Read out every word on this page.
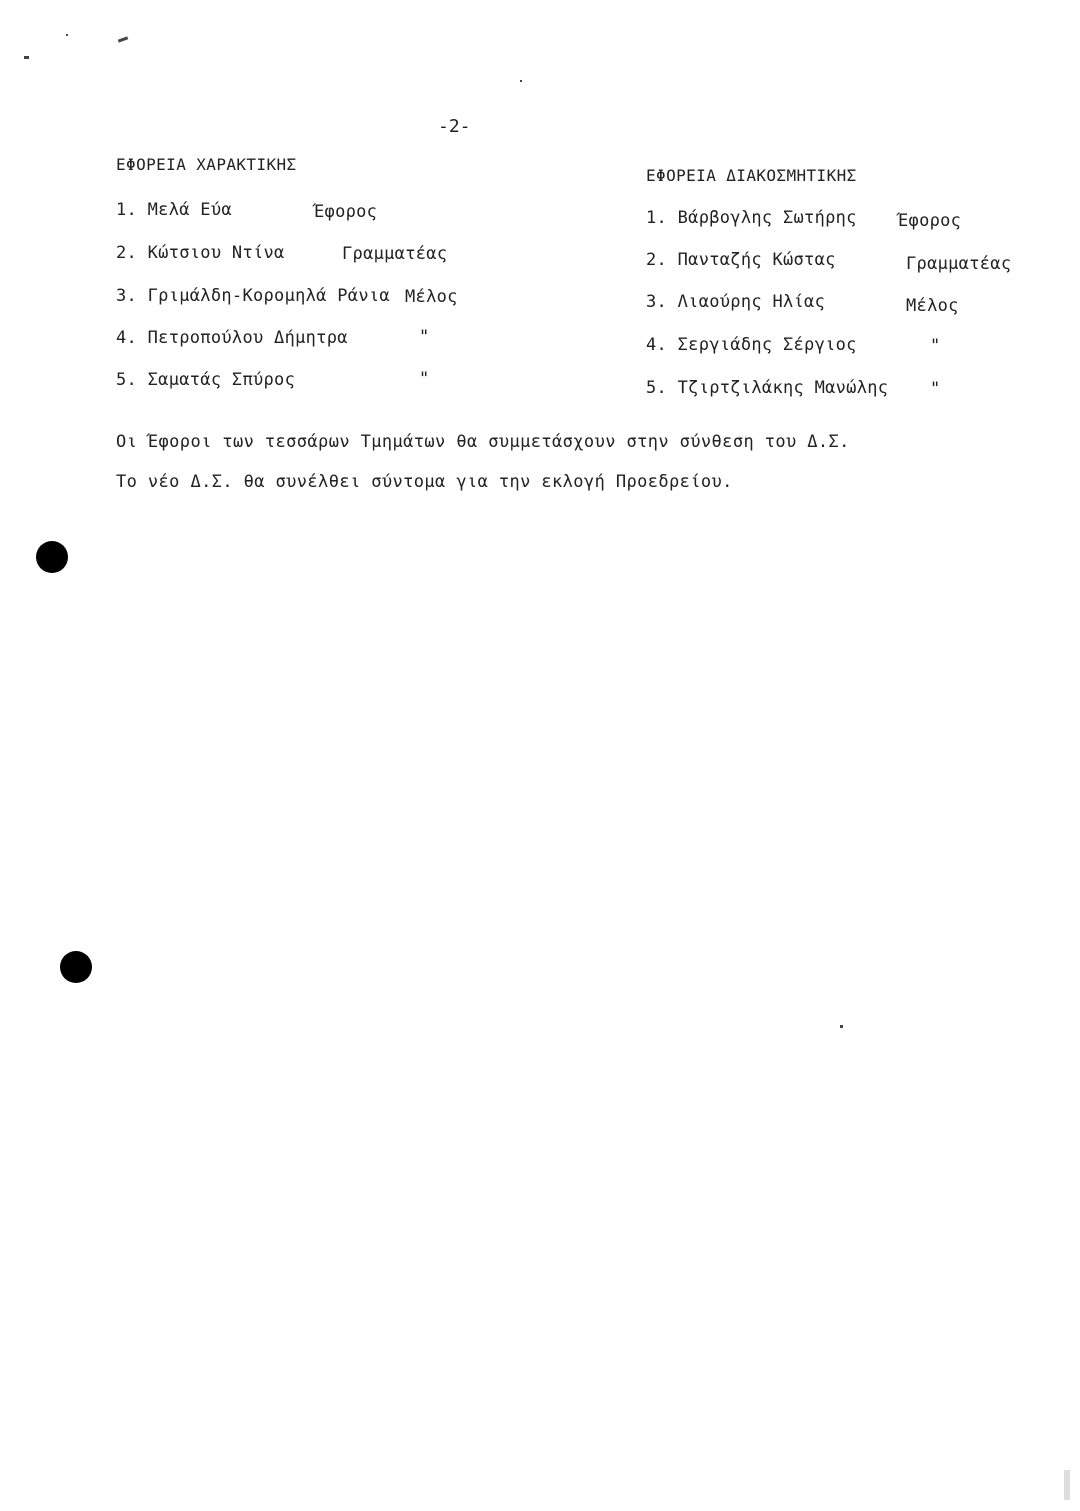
-2-
ΕΦΟΡΕΙΑ ΧΑΡΑΚΤΙΚΗΣ
1. Μελά Εύα	Έφορος
2. Κώτσιου Ντίνα	Γραμματέας
3. Γριμάλδη-Κορομηλά Ράνια Μέλος
4. Πετροπούλου Δήμητρα	"
5. Σαματάς Σπύρος	"
ΕΦΟΡΕΙΑ ΔΙΑΚΟΣΜΗΤΙΚΗΣ
1. Βάρβογλης Σωτήρης Έφορος
2. Πανταζής Κώστας	Γραμματέας
3. Λιαούρης Ηλίας	Μέλος
4. Σεργιάδης Σέργιος	"
5. Τζιρτζιλάκης Μανώλης "
Οι Έφοροι των τεσσάρων Τμημάτων θα συμμετάσχουν στην σύνθεση του Δ.Σ.
Το νέο Δ.Σ. θα συνέλθει σύντομα για την εκλογή Προεδρείου.
